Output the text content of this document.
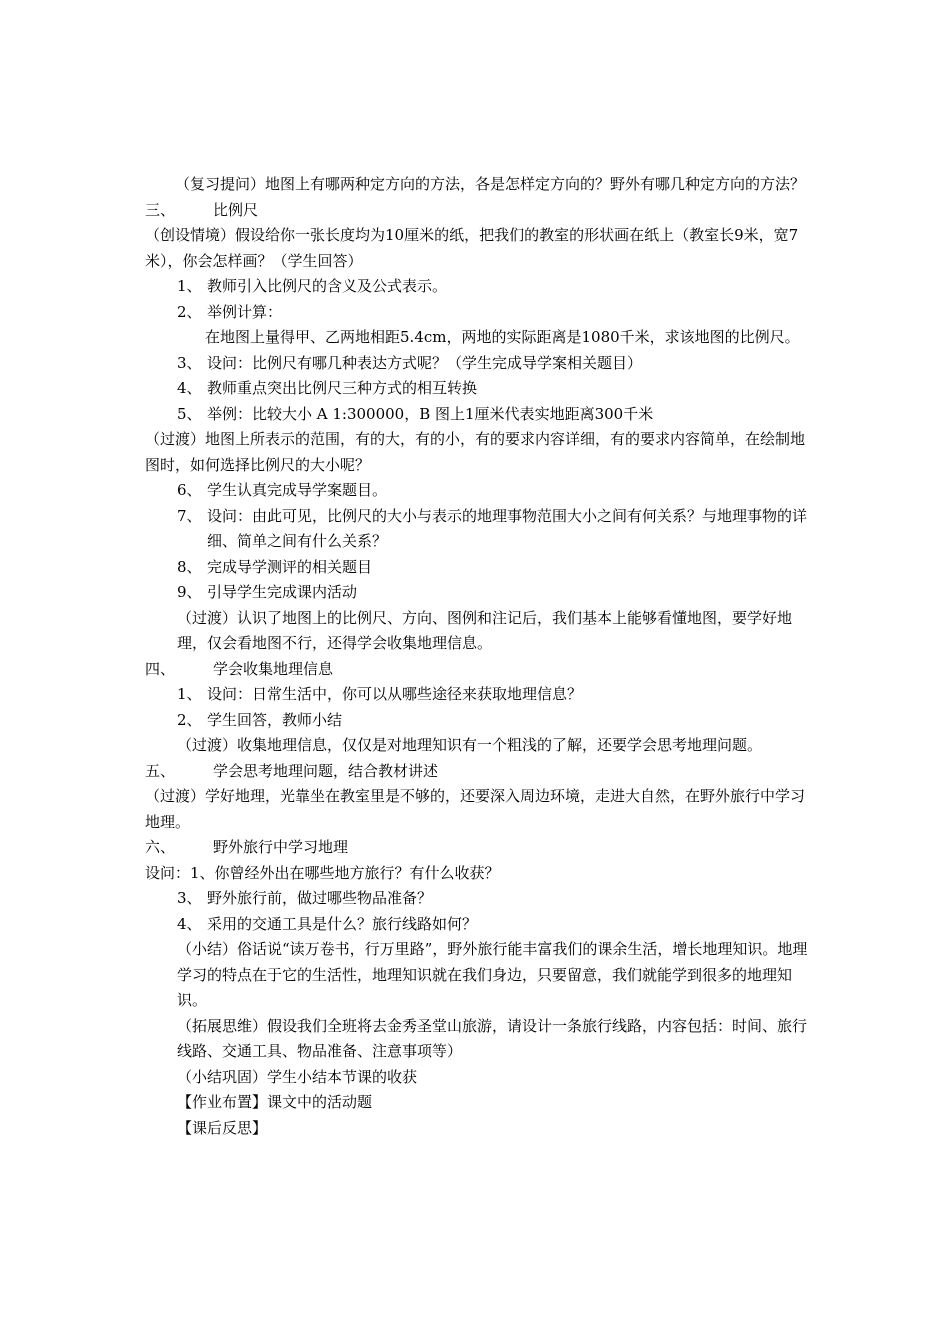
（复习提问）地图上有哪两种定方向的方法，各是怎样定方向的？野外有哪几种定方向的方法？

三、	比例尺

（创设情境）假设给你一张长度均为10厘米的纸，把我们的教室的形状画在纸上（教室长9米，宽7米），你会怎样画？（学生回答）

1、 教师引入比例尺的含义及公式表示。

2、 举例计算：

在地图上量得甲、乙两地相距5.4cm，两地的实际距离是1080千米，求该地图的比例尺。

3、 设问：比例尺有哪几种表达方式呢？（学生完成导学案相关题目）

4、 教师重点突出比例尺三种方式的相互转换

5、 举例：比较大小 A 1:300000，B 图上1厘米代表实地距离300千米

（过渡）地图上所表示的范围，有的大，有的小，有的要求内容详细，有的要求内容简单，在绘制地图时，如何选择比例尺的大小呢？

6、 学生认真完成导学案题目。

7、 设问：由此可见，比例尺的大小与表示的地理事物范围大小之间有何关系？与地理事物的详细、简单之间有什么关系？

8、 完成导学测评的相关题目

9、 引导学生完成课内活动

（过渡）认识了地图上的比例尺、方向、图例和注记后，我们基本上能够看懂地图，要学好地理，仅会看地图不行，还得学会收集地理信息。

四、	学会收集地理信息

1、 设问：日常生活中，你可以从哪些途径来获取地理信息？

2、 学生回答，教师小结

（过渡）收集地理信息，仅仅是对地理知识有一个粗浅的了解，还要学会思考地理问题。

五、	学会思考地理问题，结合教材讲述

（过渡）学好地理，光靠坐在教室里是不够的，还要深入周边环境，走进大自然，在野外旅行中学习地理。

六、	野外旅行中学习地理

设问：1、你曾经外出在哪些地方旅行？有什么收获？

3、 野外旅行前，做过哪些物品准备？

4、 采用的交通工具是什么？旅行线路如何？

（小结）俗话说“读万卷书，行万里路”，野外旅行能丰富我们的课余生活，增长地理知识。地理学习的特点在于它的生活性，地理知识就在我们身边，只要留意，我们就能学到很多的地理知识。

（拓展思维）假设我们全班将去金秀圣堂山旅游，请设计一条旅行线路，内容包括：时间、旅行线路、交通工具、物品准备、注意事项等）

（小结巩固）学生小结本节课的收获

【作业布置】课文中的活动题

【课后反思】
